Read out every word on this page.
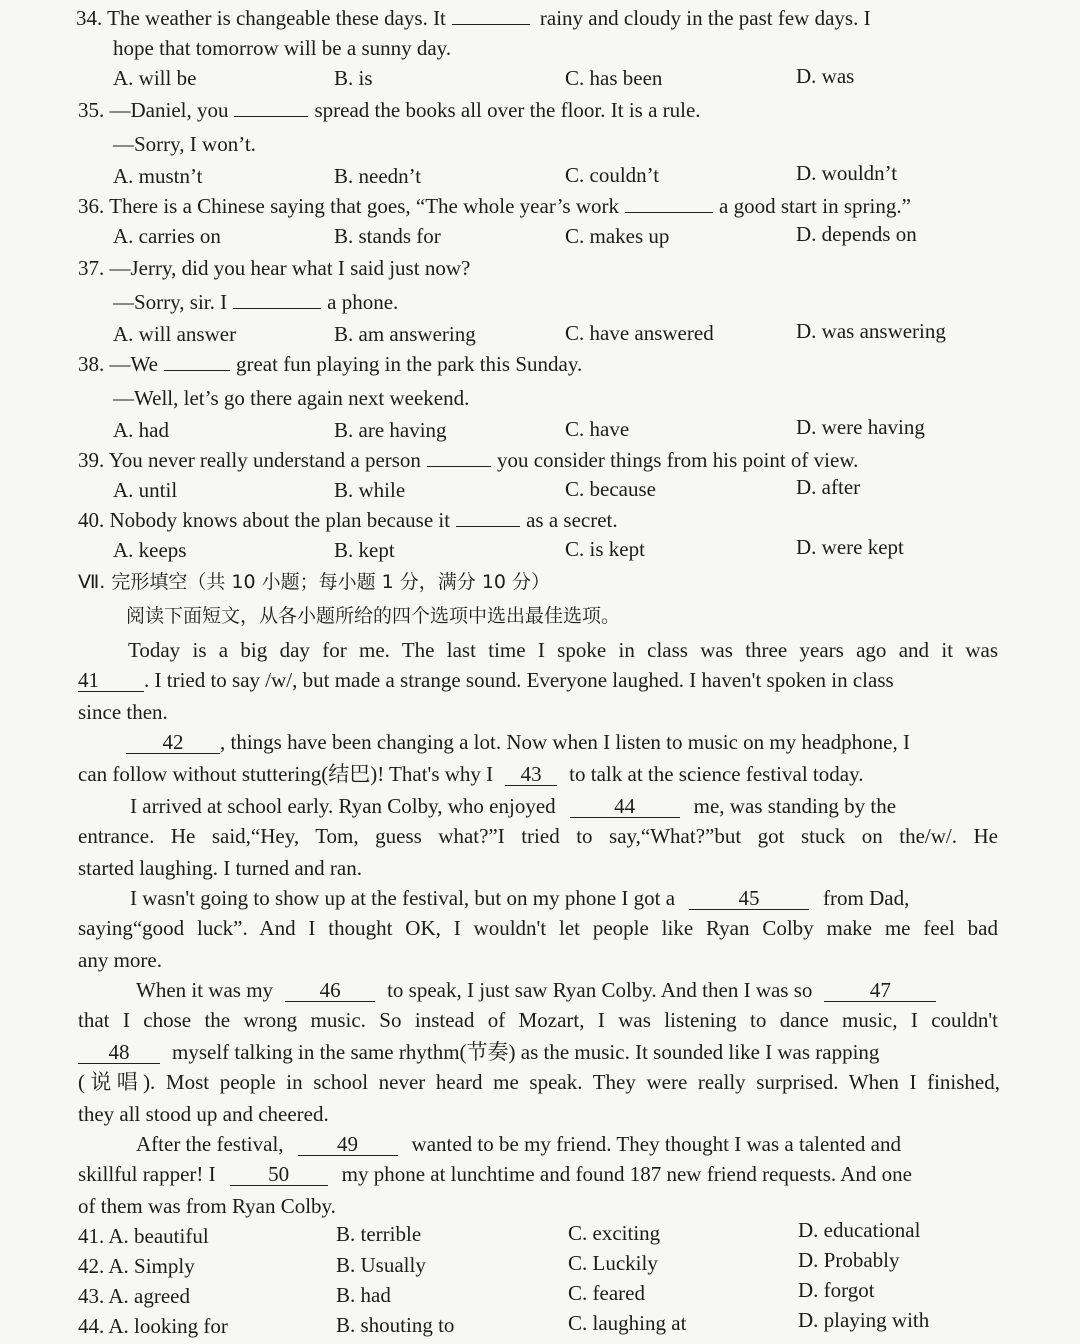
34. The weather is changeable these days. It	rainy and cloudy in the past few days. I
hope that tomorrow will be a sunny day.
A. will be	B. is	C. has been	D. was
35. —Daniel, you	spread the books all over the floor. It is a rule.
—Sorry, I won’t.
A. mustn’t	B. needn’t	C. couldn’t	D. wouldn’t
36. There is a Chinese saying that goes, “The whole year’s work	a good start in spring.”
A. carries on	B. stands for	C. makes up	D. depends on
37. —Jerry, did you hear what I said just now?
—Sorry, sir. I	a phone.
A. will answer	B. am answering	C. have answered	D. was answering
38. —We	great fun playing in the park this Sunday.
—Well, let’s go there again next weekend.
A. had	B. are having	C. have	D. were having
39. You never really understand a person	you consider things from his point of view.
A. until	B. while	C. because	D. after
40. Nobody knows about the plan because it	as a secret.
A. keeps	B. kept	C. is kept	D. were kept
Ⅶ. 完形填空（共 10 小题；每小题 1 分，满分 10 分）
阅读下面短文，从各小题所给的四个选项中选出最佳选项。
Today is a big day for me. The last time I spoke in class was three years ago and it was
41 . I tried to say /w/, but made a strange sound. Everyone laughed. I haven't spoken in class
since then.
42 , things have been changing a lot. Now when I listen to music on my headphone, I
can follow without stuttering(结巴)! That's why I 43 to talk at the science festival today.
I arrived at school early. Ryan Colby, who enjoyed	44	me, was standing by the
entrance. He said,“Hey, Tom, guess what?”I tried to say,“What?”but got stuck on the/w/. He
started laughing. I turned and ran.
I wasn't going to show up at the festival, but on my phone I got a	45	from Dad,
saying“good luck”. And I thought OK, I wouldn't let people like Ryan Colby make me feel bad
any more.
When it was my 46 to speak, I just saw Ryan Colby. And then I was so	47
that I chose the wrong music. So instead of Mozart, I was listening to dance music, I couldn't
48 myself talking in the same rhythm(节奏) as the music. It sounded like I was rapping
(说唱). Most people in school never heard me speak. They were really surprised. When I finished,
they all stood up and cheered.
After the festival,	49	wanted to be my friend. They thought I was a talented and
skillful rapper! I	50	my phone at lunchtime and found 187 new friend requests. And one
of them was from Ryan Colby.
41. A. beautiful	B. terrible	C. exciting	D. educational
42. A. Simply	B. Usually	C. Luckily	D. Probably
43. A. agreed	B. had	C. feared	D. forgot
44. A. looking for	B. shouting to	C. laughing at	D. playing with
